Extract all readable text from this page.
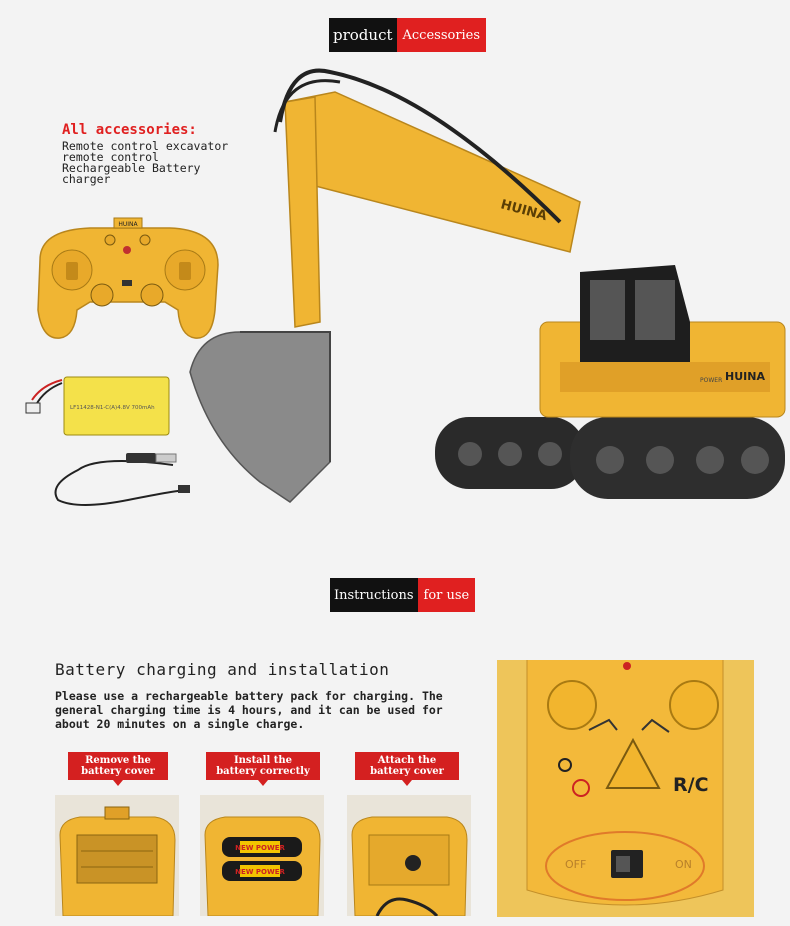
product Accessories
All accessories:
Remote control excavator
remote control
Rechargeable Battery
charger
HUINA
LF11428-N1-C(A)4.8V 700mAh
HUINA
HUINA
POWER
Instructions for use
Battery charging and installation
Please use a rechargeable battery pack for charging. The general charging time is 4 hours, and it can be used for about 20 minutes on a single charge.
Remove the
battery cover
Install the
battery correctly
Attach the
battery cover
NEW POWER
NEW POWER
R/C
OFF	ON
